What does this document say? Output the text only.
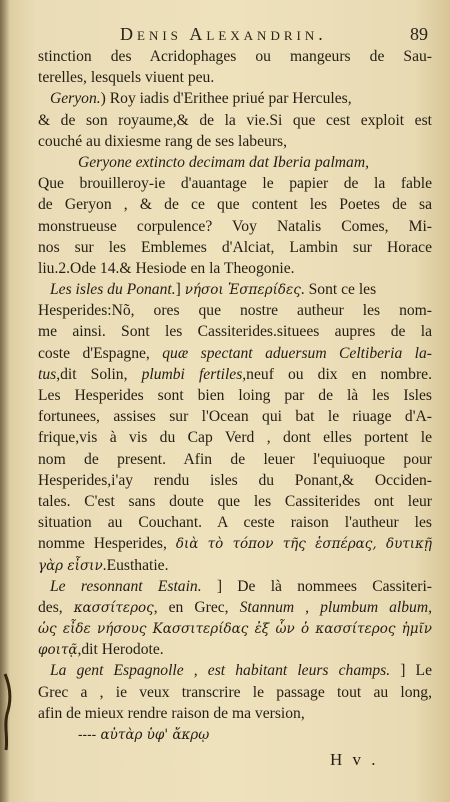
Denis Alexandrin.	89
stinction des Acridophages ou mangeurs de Sau-
terelles, lesquels viuent peu.
Geryon.) Roy iadis d'Erithee priué par Hercules,
& de son royaume,& de la vie.Si que cest exploit est
couché au dixiesme rang de ses labeurs,
Geryone extincto decimam dat Iberia palmam,
Que brouilleroy-ie d'auantage le papier de la fable
de Geryon , & de ce que content les Poetes de sa
monstrueuse corpulence? Voy Natalis Comes, Mi-
nos sur les Emblemes d'Alciat, Lambin sur Horace
liu.2.Ode 14.& Hesiode en la Theogonie.
Les isles du Ponant.] νήσοι Ἑσπερίδες. Sont ce les
Hesperides:Nõ, ores que nostre autheur les nom-
me ainsi. Sont les Cassiterides.situees aupres de la
coste d'Espagne, quæ spectant aduersum Celtiberia la-
tus,dit Solin, plumbi fertiles,neuf ou dix en nombre.
Les Hesperides sont bien loing par de là les Isles
fortunees, assises sur l'Ocean qui bat le riuage d'A-
frique,vis à vis du Cap Verd , dont elles portent le
nom de present. Afin de leuer l'equiuoque pour
Hesperides,i'ay rendu isles du Ponant,& Occiden-
tales. C'est sans doute que les Cassiterides ont leur
situation au Couchant. A ceste raison l'autheur les
nomme Hesperides, διὰ τὸ τόπον τῆς ἑσπέρας, δυτικῇ
γὰρ εἶσιν.Eusthatie.
Le resonnant Estain. ] De là nommees Cassiteri-
des, κασσίτερος, en Grec, Stannum , plumbum album,
ὡς εἶδε νήσους Κασσιτερίδας ἐξ ὧν ὁ κασσίτερος ἡμῖν
φοιτᾷ,dit Herodote.
La gent Espagnolle , est habitant leurs champs. ] Le
Grec a , ie veux transcrire le passage tout au long,
afin de mieux rendre raison de ma version,
---- αὐτὰρ ὑφ' ἄκρῳ
H v .
